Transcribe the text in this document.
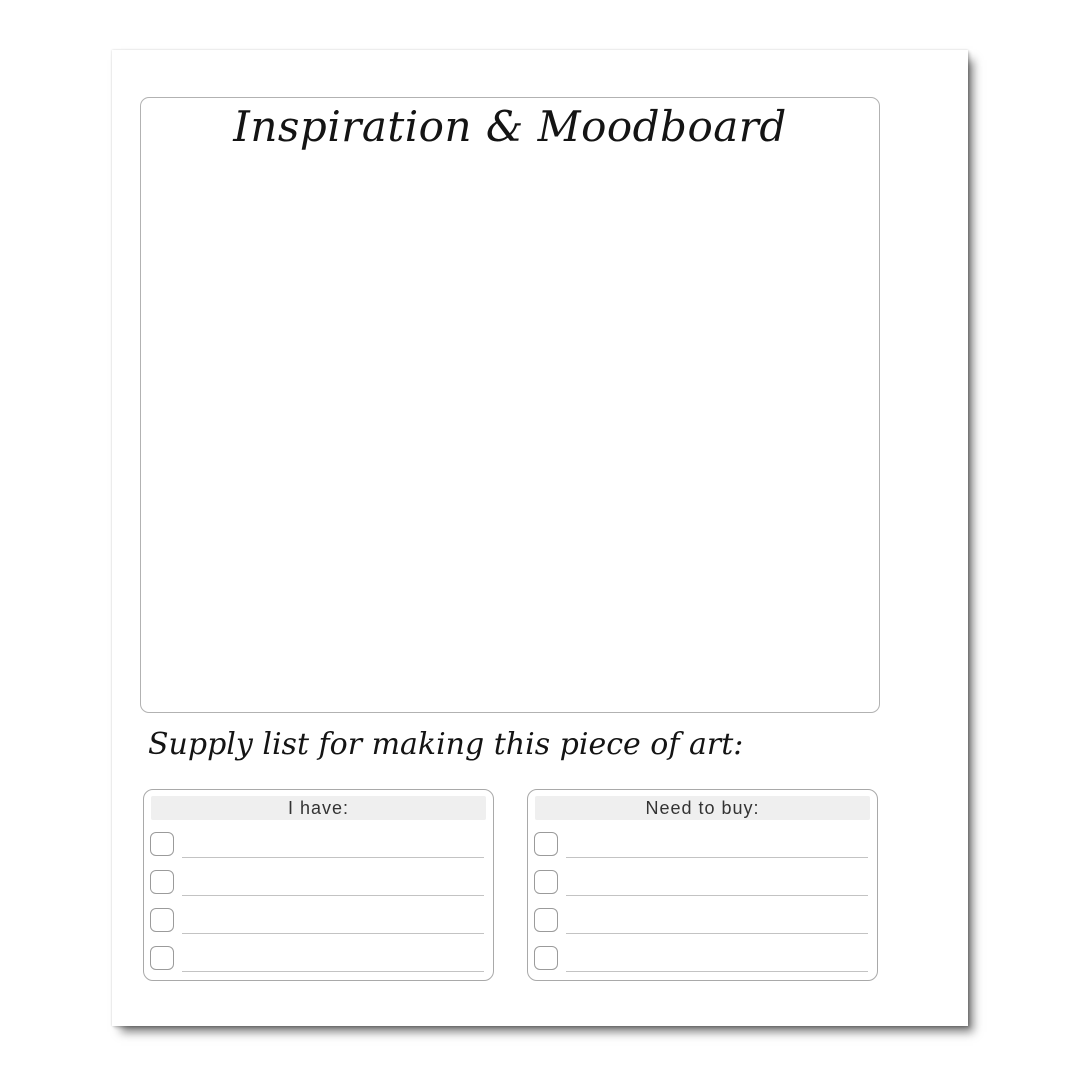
Inspiration & Moodboard
Supply list for making this piece of art:
I have:	Need to buy:
